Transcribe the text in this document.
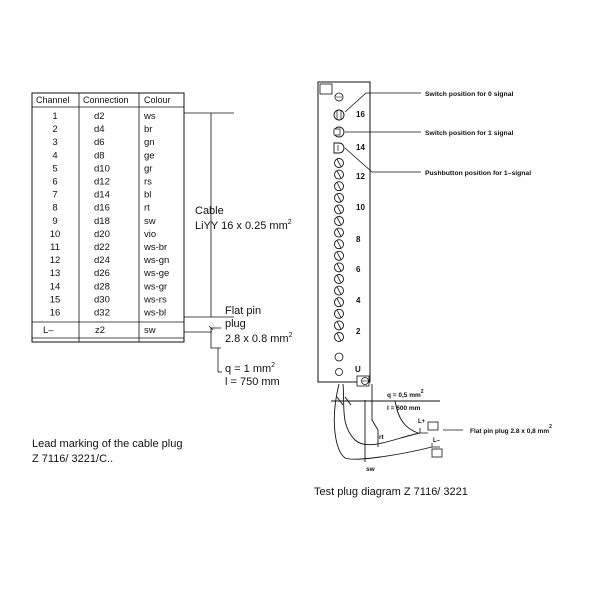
Channel Connection Colour
1	d2	ws
2	d4	br
3	d6	gn
4	d8	ge
5	d10	gr
6	d12	rs
7	d14	bl
8	d16	rt
9	d18	sw
10	d20	vio
11	d22	ws-br
12	d24	ws-gn
13	d26	ws-ge
14	d28	ws-gr
15	d30	ws-rs
16	d32	ws-bl
L–	z2	sw
Cable
LiYY 16 x 0.25 $mm^2$
Flat pin
plug
2.8 x 0.8 $mm^2$
q = 1 $mm^2$
l = 750 mm
Lead marking of the cable plug
Z 7116/ 3221/C..
16
14
12
10
8
6
4
2
U
Switch position for 0 signal
Switch position for 1 signal
Pushbutton position for 1–signal
q = 0,5 $mm^2$
l = 600 mm
rt
sw
L+
L–
Flat pin plug 2.8 x 0,8 $mm^2$
Test plug diagram Z 7116/ 3221
